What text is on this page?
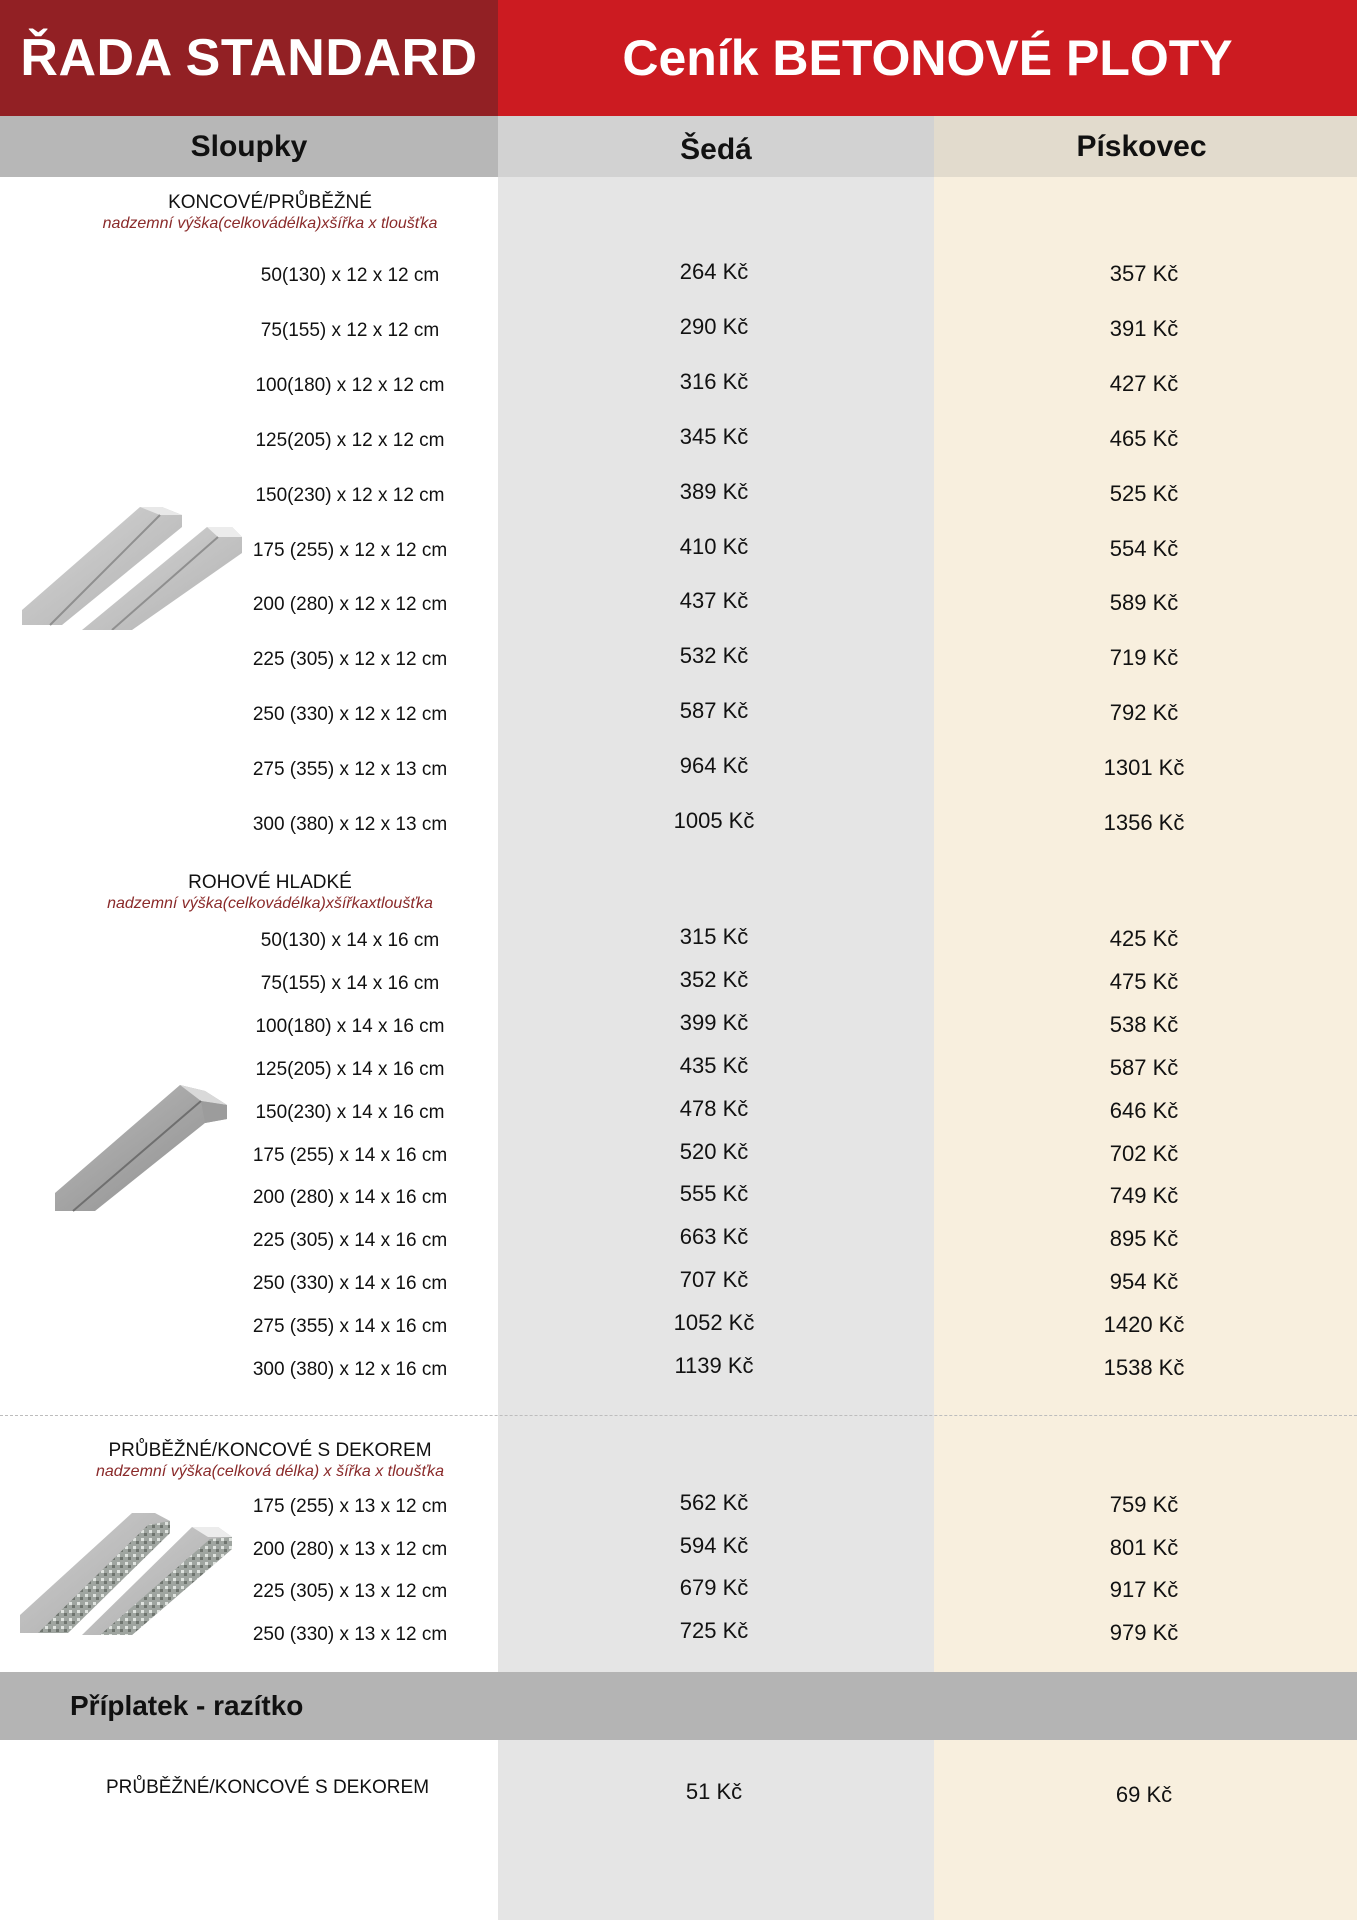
ŘADA STANDARD	Ceník BETONOVÉ PLOTY
Sloupky	Šedá	Pískovec
KONCOVÉ/PRŮBĚŽNÉ
nadzemní výška(celkovádélka)xšířka x tloušťka
50(130) x 12 x 12 cm	264 Kč	357 Kč
75(155) x 12 x 12 cm	290 Kč	391 Kč
100(180) x 12 x 12 cm	316 Kč	427 Kč
125(205) x 12 x 12 cm	345 Kč	465 Kč
150(230) x 12 x 12 cm	389 Kč	525 Kč
175 (255) x 12 x 12 cm	410 Kč	554 Kč
200 (280) x 12 x 12 cm	437 Kč	589 Kč
225 (305) x 12 x 12 cm	532 Kč	719 Kč
250 (330) x 12 x 12 cm	587 Kč	792 Kč
275 (355) x 12 x 13 cm	964 Kč	1301 Kč
300 (380) x 12 x 13 cm	1005 Kč	1356 Kč
ROHOVÉ HLADKÉ
nadzemní výška(celkovádélka)xšířkaxtloušťka
50(130) x 14 x 16 cm	315 Kč	425 Kč
75(155) x 14 x 16 cm	352 Kč	475 Kč
100(180) x 14 x 16 cm	399 Kč	538 Kč
125(205) x 14 x 16 cm	435 Kč	587 Kč
150(230) x 14 x 16 cm	478 Kč	646 Kč
175 (255) x 14 x 16 cm	520 Kč	702 Kč
200 (280) x 14 x 16 cm	555 Kč	749 Kč
225 (305) x 14 x 16 cm	663 Kč	895 Kč
250 (330) x 14 x 16 cm	707 Kč	954 Kč
275 (355) x 14 x 16 cm	1052 Kč	1420 Kč
300 (380) x 12 x 16 cm	1139 Kč	1538 Kč
PRŮBĚŽNÉ/KONCOVÉ S DEKOREM
nadzemní výška(celková délka) x šířka x tloušťka
175 (255) x 13 x 12 cm	562 Kč	759 Kč
200 (280) x 13 x 12 cm	594 Kč	801 Kč
225 (305) x 13 x 12 cm	679 Kč	917 Kč
250 (330) x 13 x 12 cm	725 Kč	979 Kč
Příplatek - razítko
PRŮBĚŽNÉ/KONCOVÉ S DEKOREM	51 Kč	69 Kč
